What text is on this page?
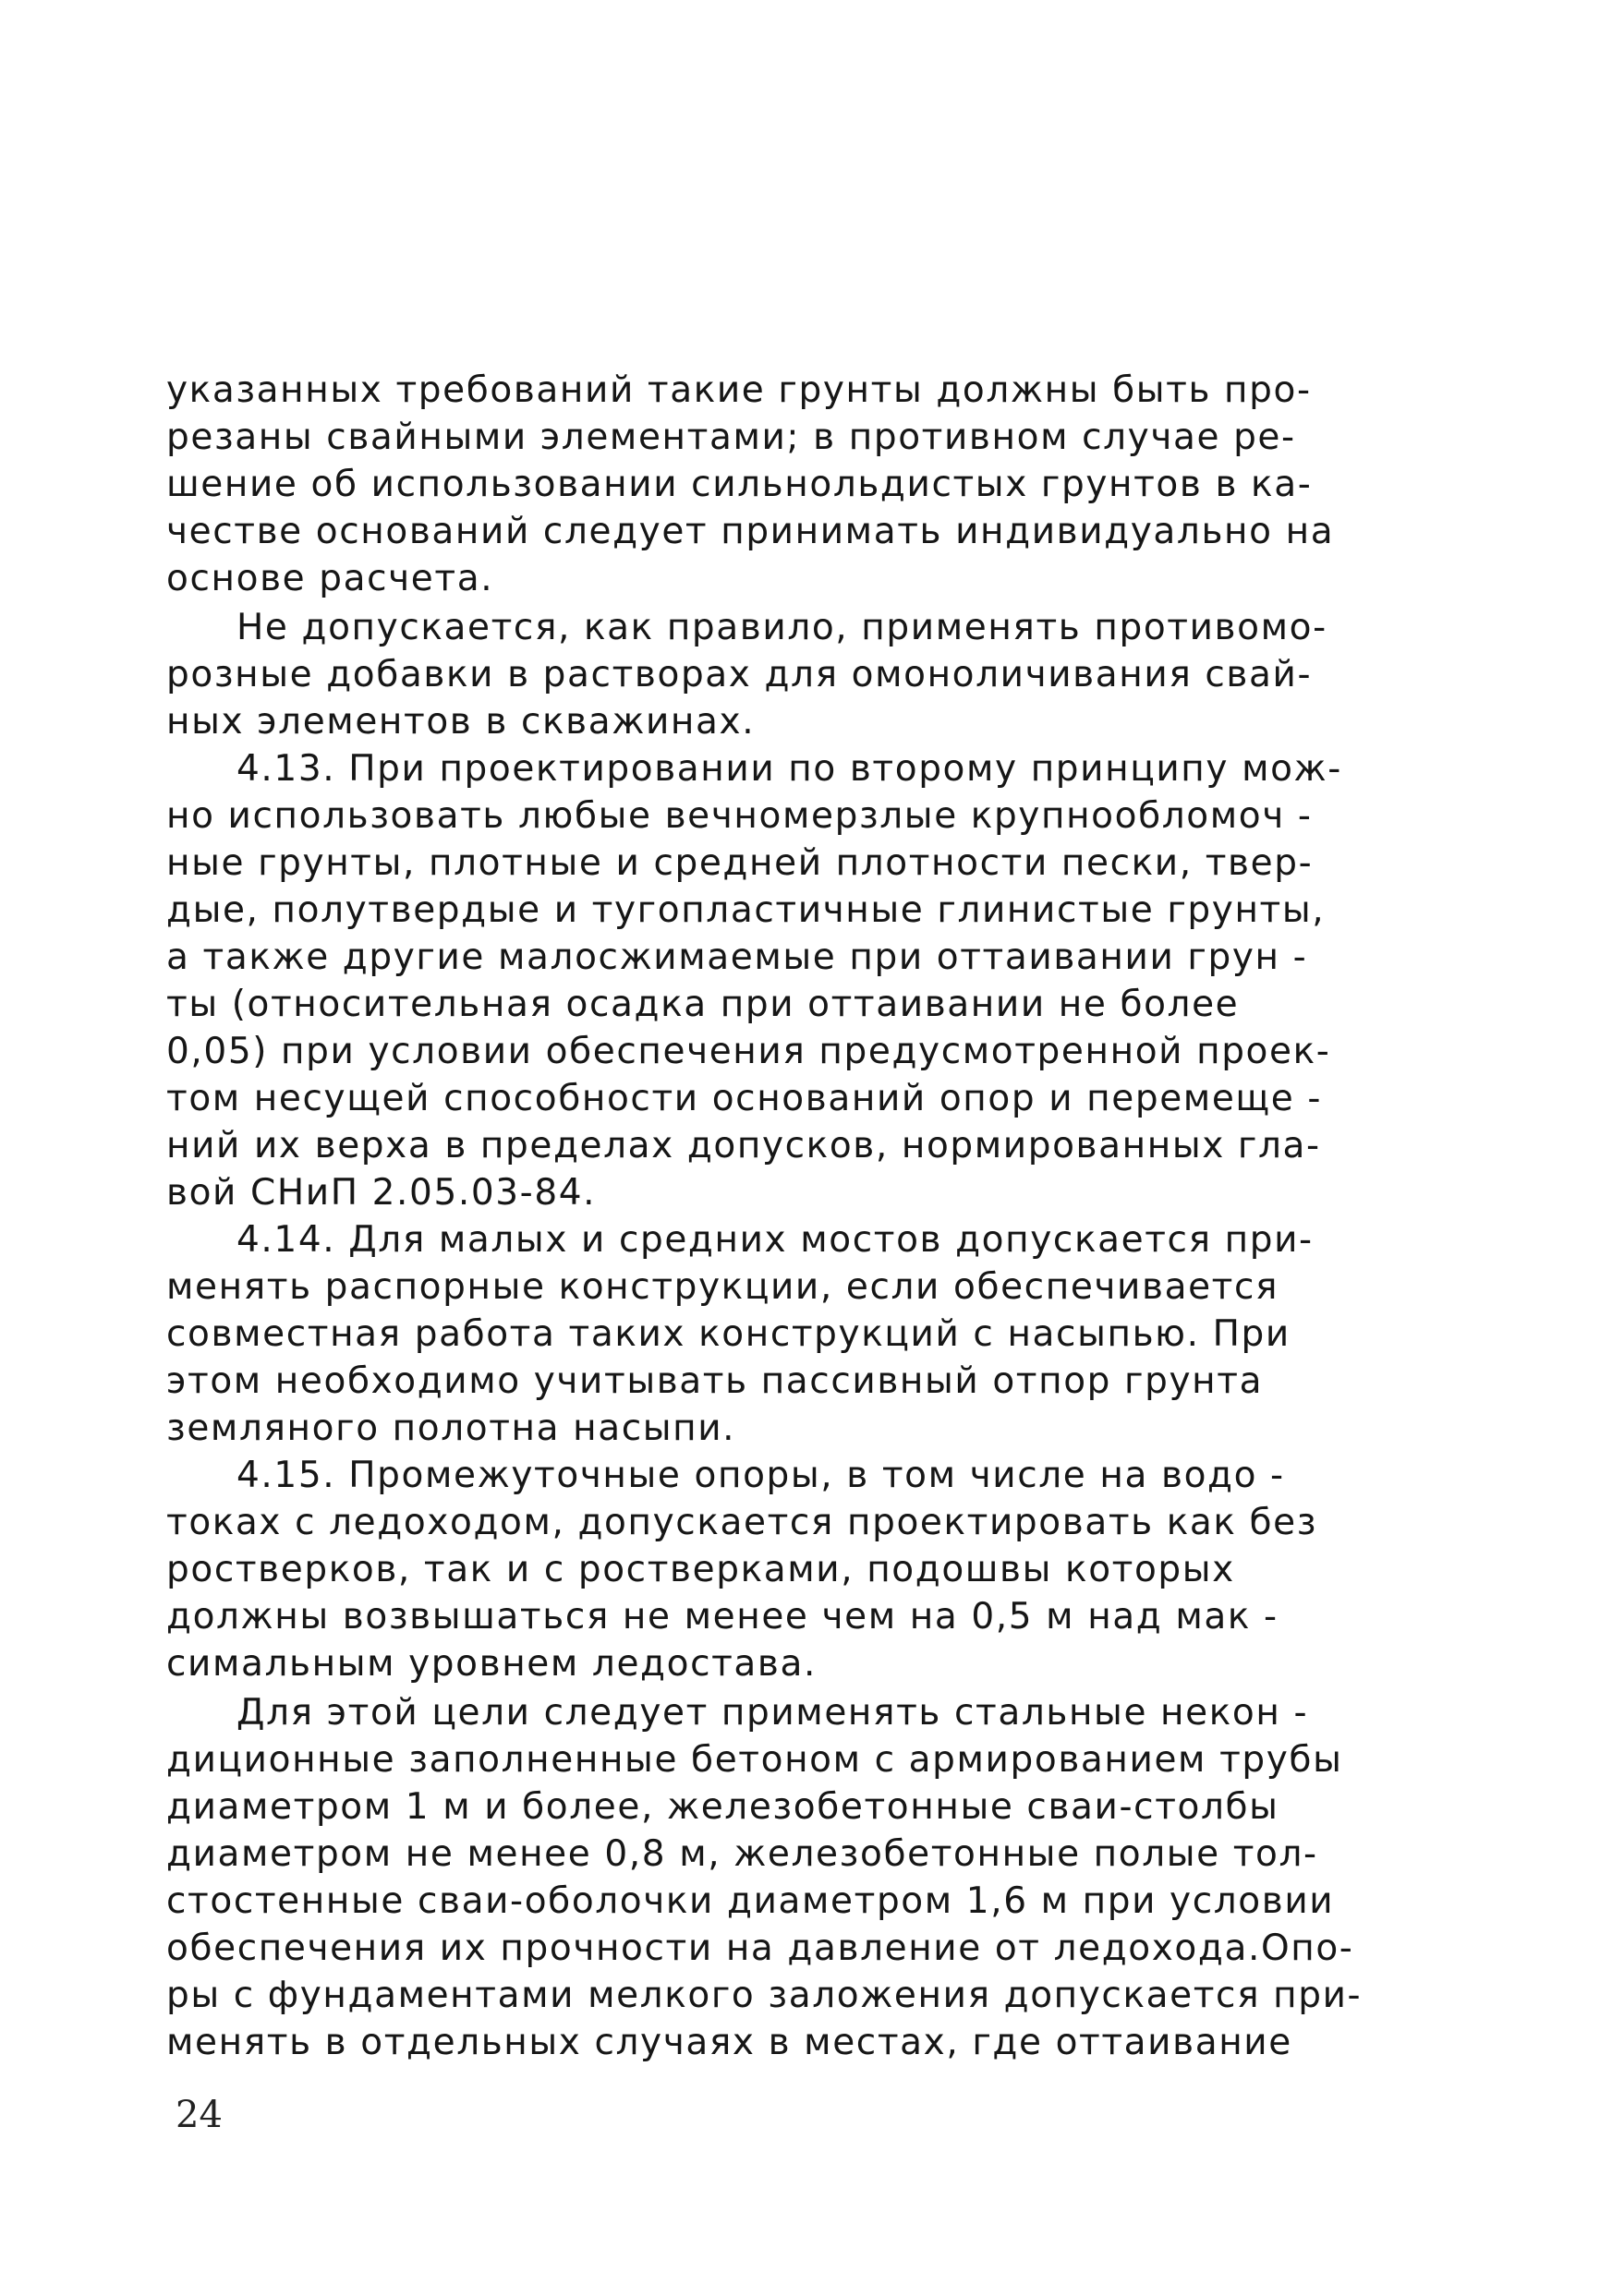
указанных требований такие грунты должны быть про-
резаны свайными элементами; в противном случае ре-
шение об использовании сильнольдистых грунтов в ка-
честве оснований следует принимать индивидуально на
основе расчета.
Не допускается, как правило, применять противомо-
розные добавки в растворах для омоноличивания свай-
ных элементов в скважинах.
4.13. При проектировании по второму принципу мож-
но использовать любые вечномерзлые крупнообломоч -
ные грунты, плотные и средней плотности пески, твер-
дые, полутвердые и тугопластичные глинистые грунты,
а также другие малосжимаемые при оттаивании грун -
ты (относительная осадка при оттаивании не более
0,05) при условии обеспечения предусмотренной проек-
том несущей способности оснований опор и перемеще -
ний их верха в пределах допусков, нормированных гла-
вой СНиП 2.05.03-84.
4.14. Для малых и средних мостов допускается при-
менять распорные конструкции, если обеспечивается
совместная работа таких конструкций с насыпью. При
этом необходимо учитывать пассивный отпор грунта
земляного полотна насыпи.
4.15. Промежуточные опоры, в том числе на водо -
токах с ледоходом, допускается проектировать как без
ростверков, так и с ростверками, подошвы которых
должны возвышаться не менее чем на 0,5 м над мак -
симальным уровнем ледостава.
Для этой цели следует применять стальные некон -
диционные заполненные бетоном с армированием трубы
диаметром 1 м и более, железобетонные сваи-столбы
диаметром не менее 0,8 м, железобетонные полые тол-
стостенные сваи-оболочки диаметром 1,6 м при условии
обеспечения их прочности на давление от ледохода.Опо-
ры с фундаментами мелкого заложения допускается при-
менять в отдельных случаях в местах, где оттаивание
24
